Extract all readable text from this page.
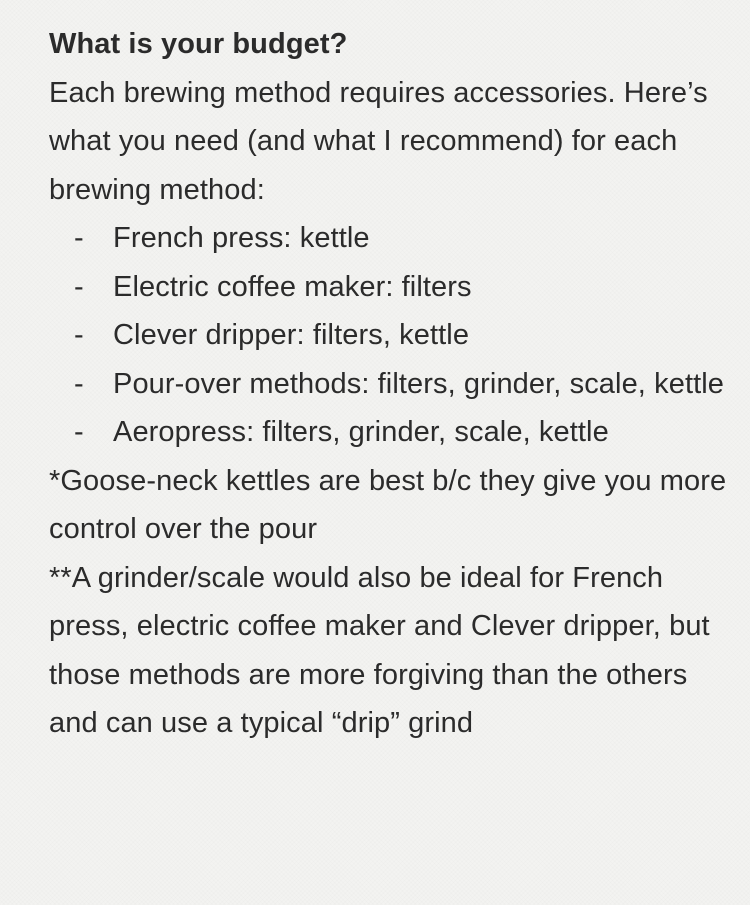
What is your budget?

Each brewing method requires accessories. Here’s what you need (and what I recommend) for each brewing method:

- French press: kettle
- Electric coffee maker: filters
- Clever dripper: filters, kettle
- Pour-over methods: filters, grinder, scale, kettle
- Aeropress: filters, grinder, scale, kettle

*Goose-neck kettles are best b/c they give you more control over the pour

**A grinder/scale would also be ideal for French press, electric coffee maker and Clever dripper, but those methods are more forgiving than the others and can use a typical “drip” grind
